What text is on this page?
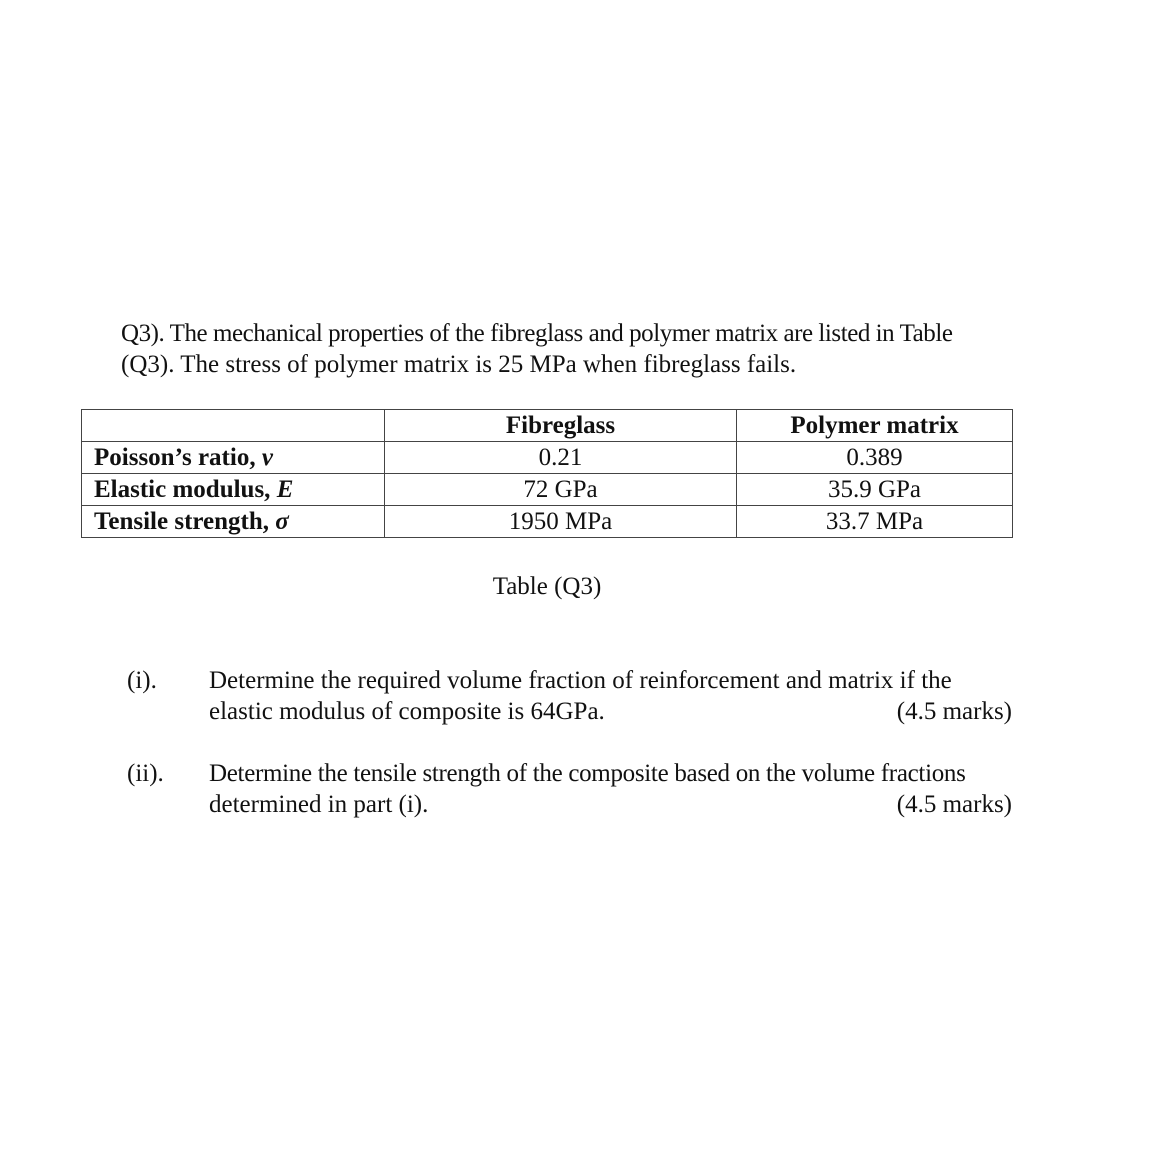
Q3). The mechanical properties of the fibreglass and polymer matrix are listed in Table
(Q3). The stress of polymer matrix is 25 MPa when fibreglass fails.

	Fibreglass	Polymer matrix
Poisson’s ratio, v	0.21	0.389
Elastic modulus, E	72 GPa	35.9 GPa
Tensile strength, σ	1950 MPa	33.7 MPa
Table (Q3)
(i). Determine the required volume fraction of reinforcement and matrix if the
elastic modulus of composite is 64GPa.	(4.5 marks)
(ii). Determine the tensile strength of the composite based on the volume fractions
determined in part (i).	(4.5 marks)
